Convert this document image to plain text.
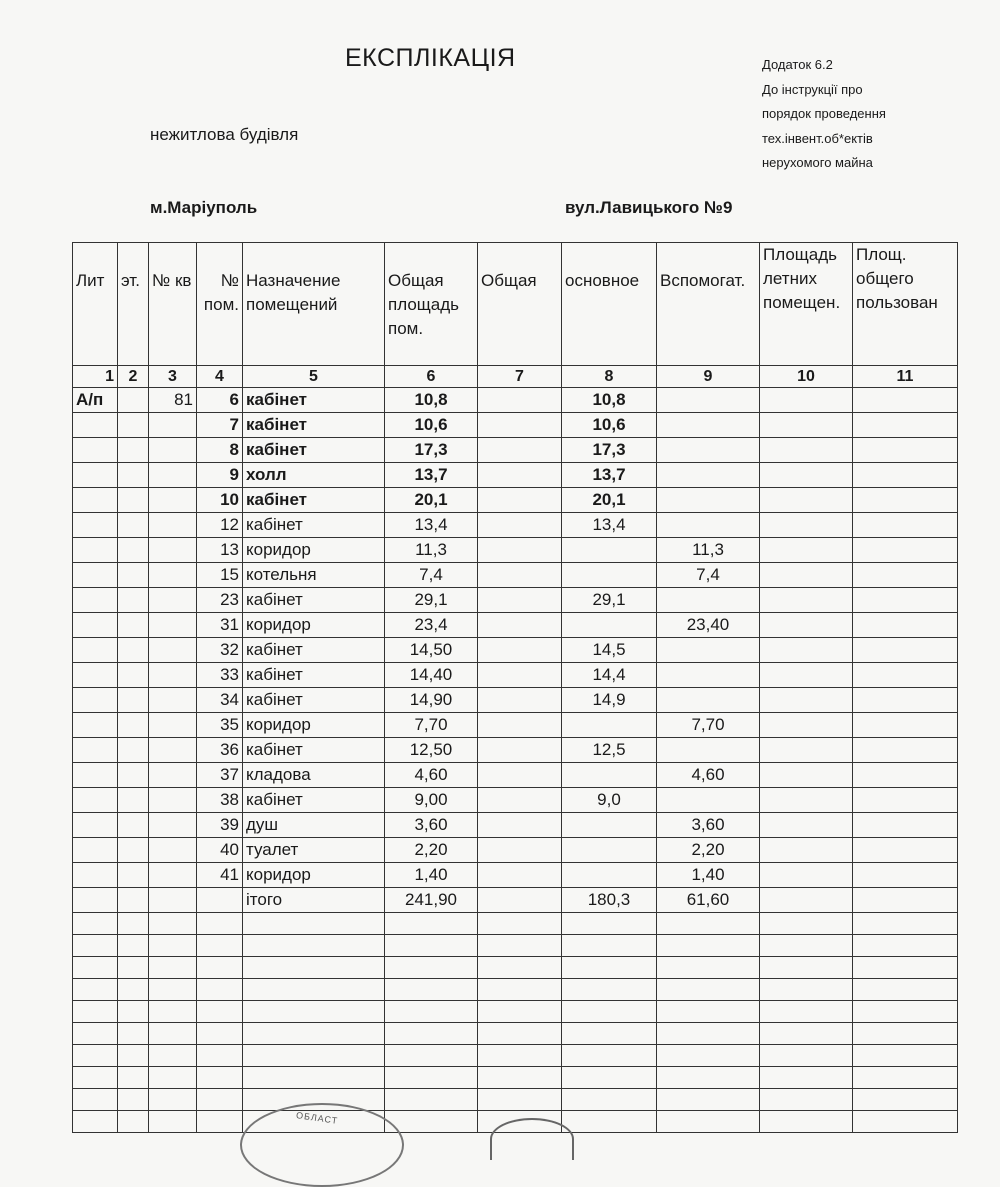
ЕКСПЛІКАЦІЯ
нежитлова будівля
Додаток 6.2
До інструкції про
порядок проведення
тех.інвент.об*ектів
нерухомого майна
м.Маріуполь	вул.Лавицького №9
Лит	эт.	№ кв	№ пом.	Назначение помещений	Общая площадь пом.	Общая	основное	Вспомогат.	Площадь летних помещен.	Площ. общего пользован
1	2	3	4	5	6	7	8	9	10	11
А/п		81	6	кабінет	10,8		10,8			
			7	кабінет	10,6		10,6			
			8	кабінет	17,3		17,3			
			9	холл	13,7		13,7			
			10	кабінет	20,1		20,1			
			12	кабінет	13,4		13,4			
			13	коридор	11,3			11,3		
			15	котельня	7,4			7,4		
			23	кабінет	29,1		29,1			
			31	коридор	23,4			23,40		
			32	кабінет	14,50		14,5			
			33	кабінет	14,40		14,4			
			34	кабінет	14,90		14,9			
			35	коридор	7,70			7,70		
			36	кабінет	12,50		12,5			
			37	кладова	4,60			4,60		
			38	кабінет	9,00		9,0			
			39	душ	3,60			3,60		
			40	туалет	2,20			2,20		
			41	коридор	1,40			1,40		
				ітого	241,90		180,3	61,60		

ОБЛАСТ
